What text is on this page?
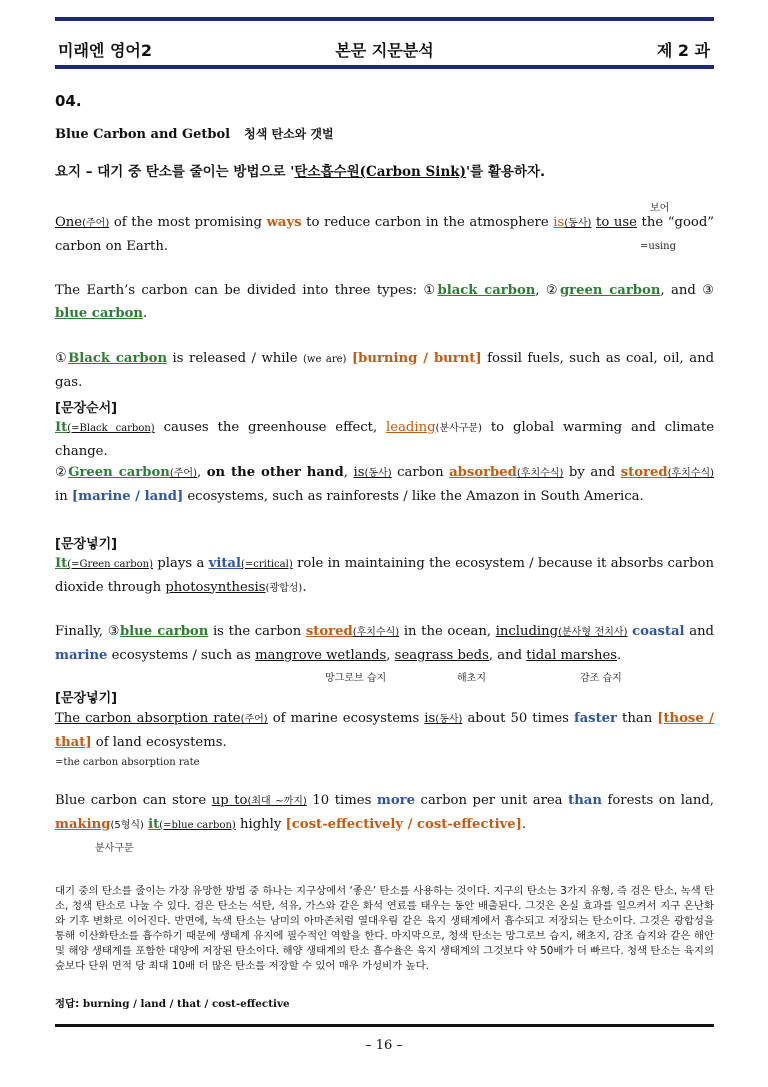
미래엔 영어2	본문 지문분석	제 2 과
04.
Blue Carbon and Getbol 청색 탄소와 갯벌
요지 – 대기 중 탄소를 줄이는 방법으로 '탄소흡수원(Carbon Sink)'를 활용하자.
보어
One(주어) of the most promising ways to reduce carbon in the atmosphere is(동사) to use the “good” carbon on Earth.	=using
The Earth’s carbon can be divided into three types: ①black carbon, ②green carbon, and ③ blue carbon.
①Black carbon is released / while (we are) [burning / burnt] fossil fuels, such as coal, oil, and gas.
[문장순서]
It(=Black carbon) causes the greenhouse effect, leading(분사구문) to global warming and climate change.
②Green carbon(주어), on the other hand, is(동사) carbon absorbed(후치수식) by and stored(후치수식) in [marine / land] ecosystems, such as rainforests / like the Amazon in South America.
[문장넣기]
It(=Green carbon) plays a vital(=critical) role in maintaining the ecosystem / because it absorbs carbon dioxide through photosynthesis(광합성).
Finally, ③blue carbon is the carbon stored(후치수식) in the ocean, including(분사형 전치사) coastal and marine ecosystems / such as mangrove wetlands, seagrass beds, and tidal marshes.
망그로브 습지	해초지	감조 습지
[문장넣기]
The carbon absorption rate(주어) of marine ecosystems is(동사) about 50 times faster than [those / that] of land ecosystems.
=the carbon absorption rate
Blue carbon can store up to(최대 ~까지) 10 times more carbon per unit area than forests on land, making(5형식) it(=blue carbon) highly [cost-effectively / cost-effective].
분사구문
대기 중의 탄소를 줄이는 가장 유망한 방법 중 하나는 지구상에서 ‘좋은’ 탄소를 사용하는 것이다. 지구의 탄소는 3가지 유형, 즉 검은 탄소, 녹색 탄소, 청색 탄소로 나눌 수 있다. 검은 탄소는 석탄, 석유, 가스와 같은 화석 연료를 태우는 동안 배출된다. 그것은 온실 효과를 일으켜서 지구 온난화와 기후 변화로 이어진다. 반면에, 녹색 탄소는 남미의 아마존처럼 열대우림 같은 육지 생태계에서 흡수되고 저장되는 탄소이다. 그것은 광합성을 통해 이산화탄소를 흡수하기 때문에 생태계 유지에 필수적인 역할을 한다. 마지막으로, 청색 탄소는 망그로브 습지, 해초지, 감조 습지와 같은 해안 및 해양 생태계를 포함한 대양에 저장된 탄소이다. 해양 생태계의 탄소 흡수율은 육지 생태계의 그것보다 약 50배가 더 빠르다. 청색 탄소는 육지의 숲보다 단위 면적 당 최대 10배 더 많은 탄소를 저장할 수 있어 매우 가성비가 높다.
정답: burning / land / that / cost-effective
– 16 –
